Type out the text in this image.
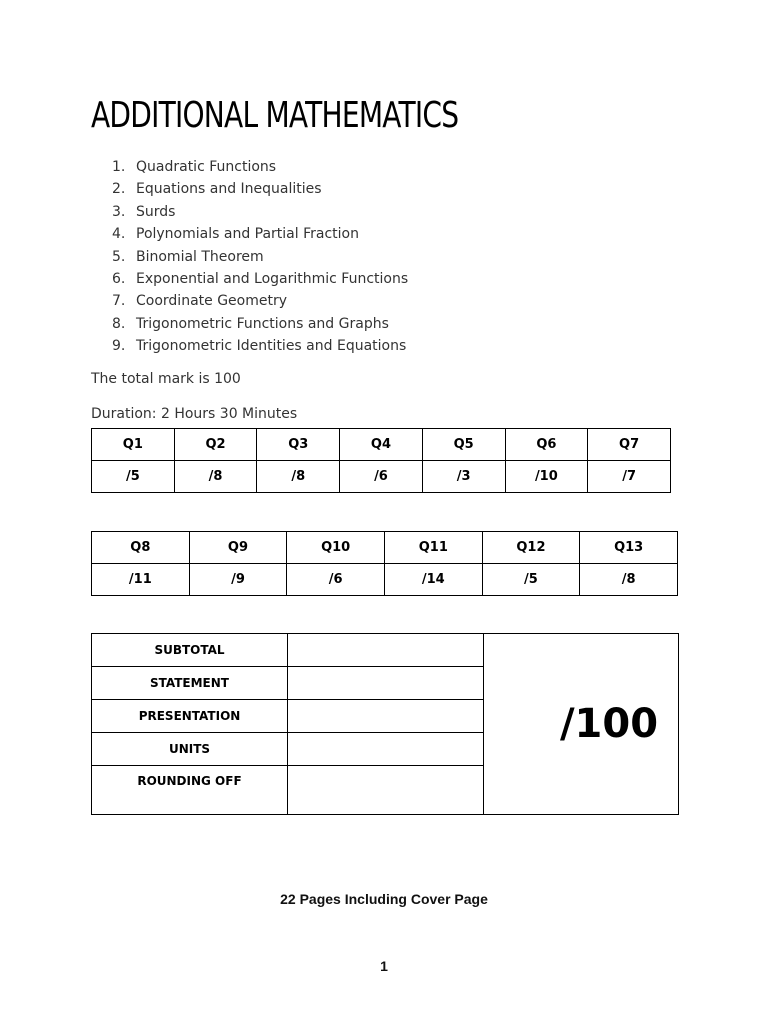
ADDITIONAL MATHEMATICS
1. Quadratic Functions
2. Equations and Inequalities
3. Surds
4. Polynomials and Partial Fraction
5. Binomial Theorem
6. Exponential and Logarithmic Functions
7. Coordinate Geometry
8. Trigonometric Functions and Graphs
9. Trigonometric Identities and Equations

The total mark is 100

Duration: 2 Hours 30 Minutes

Q1	Q2	Q3	Q4	Q5	Q6	Q7
/5	/8	/8	/6	/3	/10	/7
Q8	Q9	Q10	Q11	Q12	Q13
/11	/9	/6	/14	/5	/8
SUBTOTAL		/100
STATEMENT		
PRESENTATION		
UNITS		
ROUNDING OFF		
22 Pages Including Cover Page
1
